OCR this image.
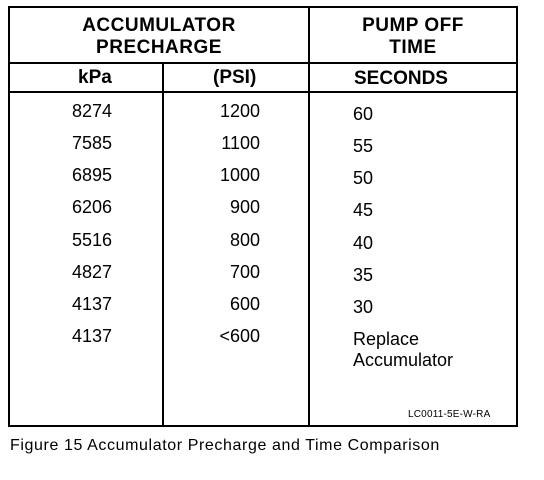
ACCUMULATOR
PRECHARGE
PUMP OFF
TIME
kPa	(PSI)	SECONDS
8274	1200	60
7585	1100	55
6895	1000	50
6206	900	45
5516	800	40
4827	700	35
4137	600	30
4137	<600	Replace
Accumulator
LC0011-5E-W-RA
Figure 15 Accumulator Precharge and Time Comparison
